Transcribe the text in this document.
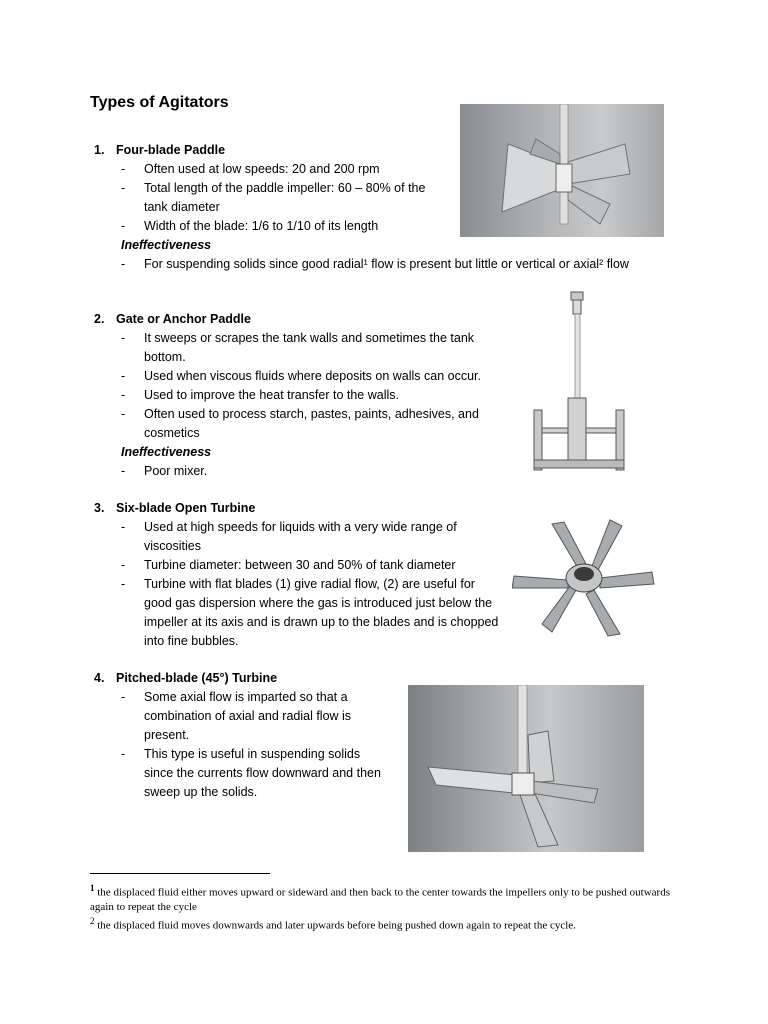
Types of Agitators
1. Four-blade Paddle
- Often used at low speeds: 20 and 200 rpm
- Total length of the paddle impeller: 60 – 80% of the tank diameter
- Width of the blade: 1/6 to 1/10 of its length
Ineffectiveness
- For suspending solids since good radial¹ flow is present but little or vertical or axial² flow
2. Gate or Anchor Paddle
- It sweeps or scrapes the tank walls and sometimes the tank bottom.
- Used when viscous fluids where deposits on walls can occur.
- Used to improve the heat transfer to the walls.
- Often used to process starch, pastes, paints, adhesives, and cosmetics
Ineffectiveness
- Poor mixer.
3. Six-blade Open Turbine
- Used at high speeds for liquids with a very wide range of viscosities
- Turbine diameter: between 30 and 50% of tank diameter
- Turbine with flat blades (1) give radial flow, (2) are useful for good gas dispersion where the gas is introduced just below the impeller at its axis and is drawn up to the blades and is chopped into fine bubbles.
4. Pitched-blade (45°) Turbine
- Some axial flow is imparted so that a combination of axial and radial flow is present.
- This type is useful in suspending solids since the currents flow downward and then sweep up the solids.
$^1$ the displaced fluid either moves upward or sideward and then back to the center towards the impellers only to be pushed outwards again to repeat the cycle
$^2$ the displaced fluid moves downwards and later upwards before being pushed down again to repeat the cycle.
